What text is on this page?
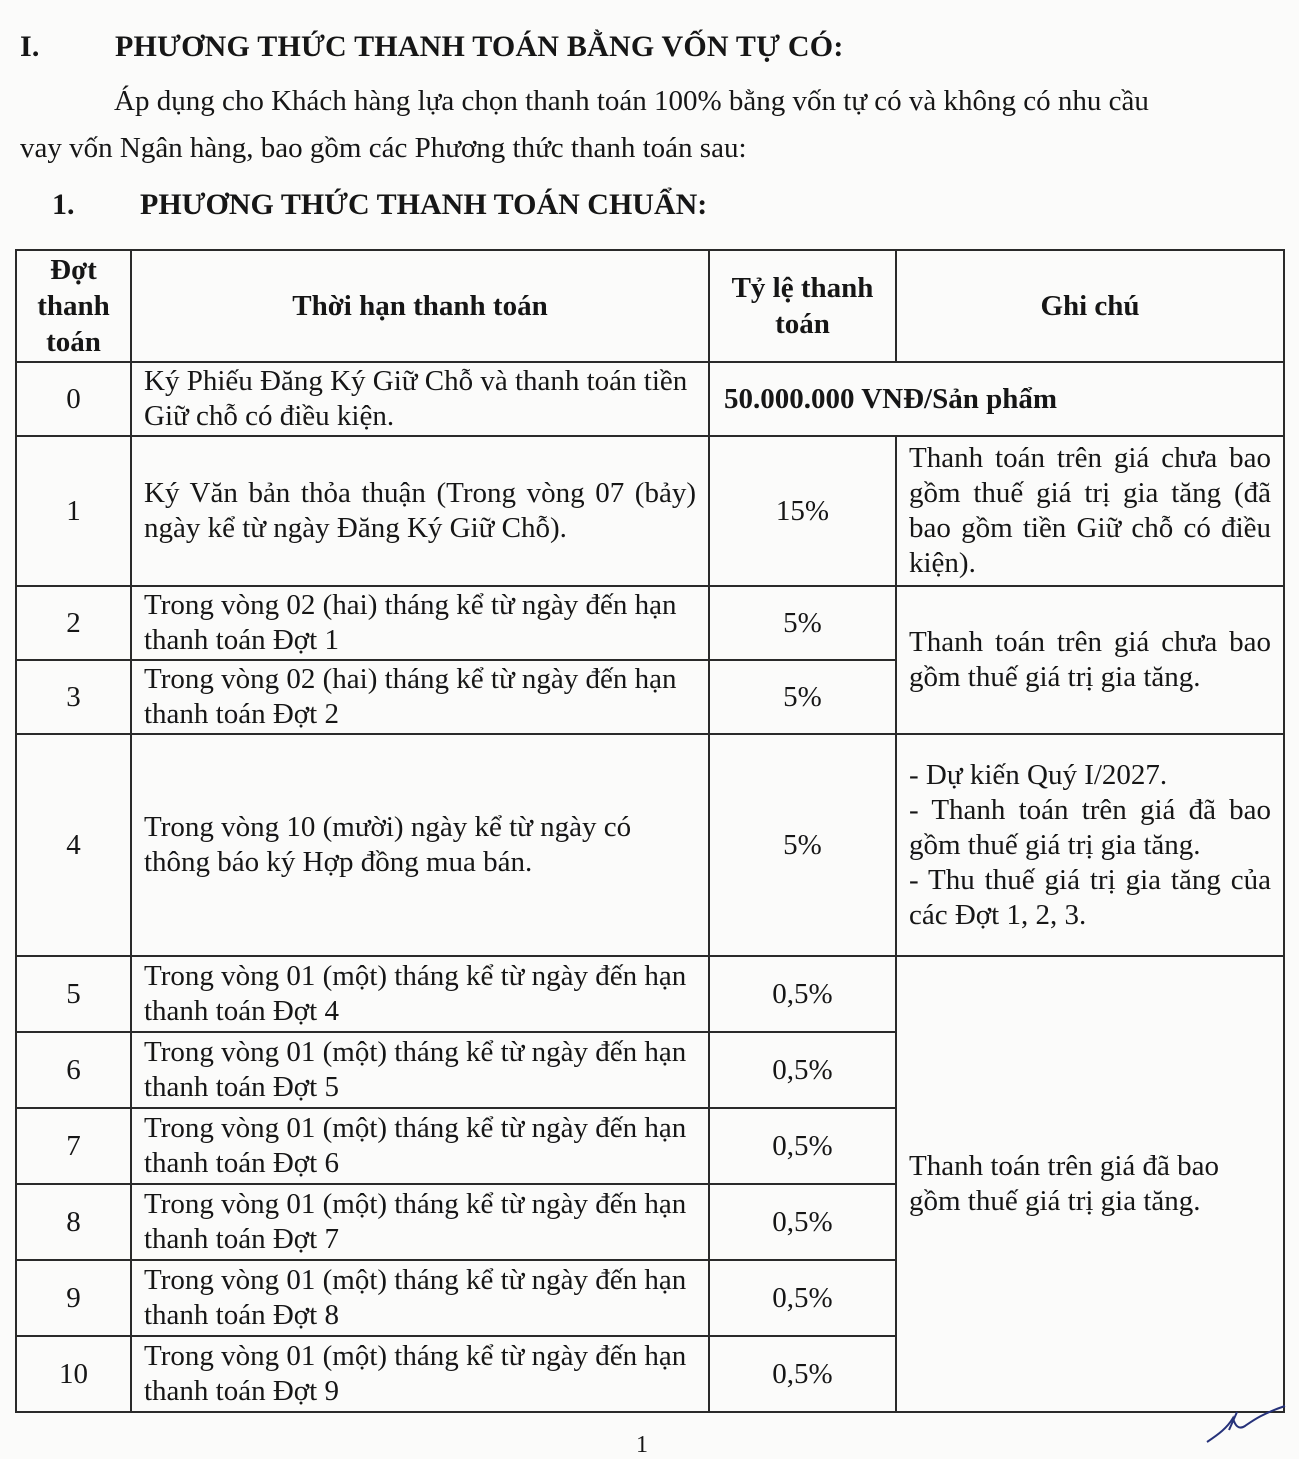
I.	PHƯƠNG THỨC THANH TOÁN BẰNG VỐN TỰ CÓ:
Áp dụng cho Khách hàng lựa chọn thanh toán 100% bằng vốn tự có và không có nhu cầu
vay vốn Ngân hàng, bao gồm các Phương thức thanh toán sau:
1. PHƯƠNG THỨC THANH TOÁN CHUẨN:
Đợt thanh toán	Thời hạn thanh toán	Tỷ lệ thanh toán	Ghi chú
0	Ký Phiếu Đăng Ký Giữ Chỗ và thanh toán tiền Giữ chỗ có điều kiện.	50.000.000 VNĐ/Sản phẩm	
1	Ký Văn bản thỏa thuận (Trong vòng 07 (bảy) ngày kể từ ngày Đăng Ký Giữ Chỗ).	15%	Thanh toán trên giá chưa bao gồm thuế giá trị gia tăng (đã bao gồm tiền Giữ chỗ có điều kiện).
2	Trong vòng 02 (hai) tháng kể từ ngày đến hạn thanh toán Đợt 1	5%	Thanh toán trên giá chưa bao gồm thuế giá trị gia tăng.
3	Trong vòng 02 (hai) tháng kể từ ngày đến hạn thanh toán Đợt 2	5%	
4	Trong vòng 10 (mười) ngày kể từ ngày có thông báo ký Hợp đồng mua bán.	5%	- Dự kiến Quý I/2027.
- Thanh toán trên giá đã bao gồm thuế giá trị gia tăng.
- Thu thuế giá trị gia tăng của các Đợt 1, 2, 3.

5	Trong vòng 01 (một) tháng kể từ ngày đến hạn thanh toán Đợt 4	0,5%	Thanh toán trên giá đã bao gồm thuế giá trị gia tăng.
6	Trong vòng 01 (một) tháng kể từ ngày đến hạn thanh toán Đợt 5	0,5%	
7	Trong vòng 01 (một) tháng kể từ ngày đến hạn thanh toán Đợt 6	0,5%	
8	Trong vòng 01 (một) tháng kể từ ngày đến hạn thanh toán Đợt 7	0,5%	
9	Trong vòng 01 (một) tháng kể từ ngày đến hạn thanh toán Đợt 8	0,5%	
10	Trong vòng 01 (một) tháng kể từ ngày đến hạn thanh toán Đợt 9	0,5%	
1
